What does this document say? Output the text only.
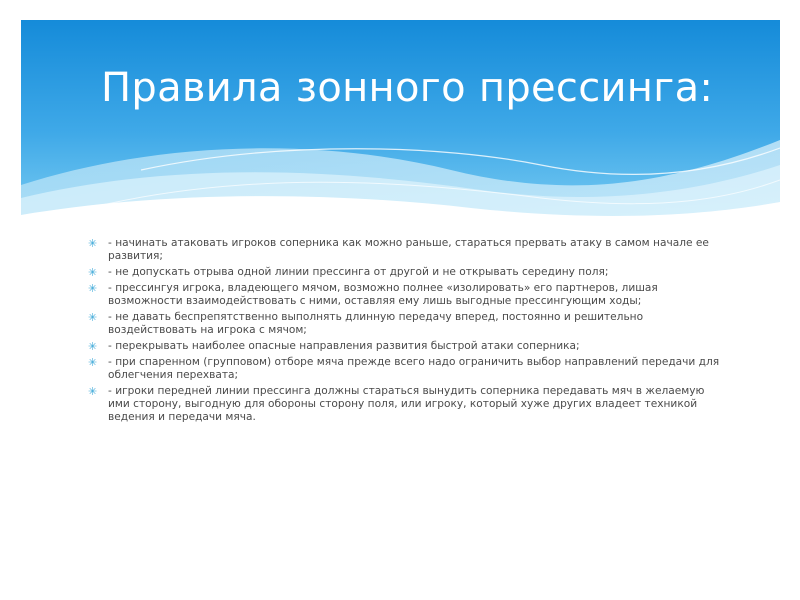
Правила зонного прессинга:
✳ - начинать атаковать игроков соперника как можно раньше, стараться прервать атаку в самом начале ее развития;
✳ - не допускать отрыва одной линии прессинга от другой и не открывать середину поля;
✳ - прессингуя игрока, владеющего мячом, возможно полнее «изолировать» его партнеров, лишая возможности взаимодействовать с ними, оставляя ему лишь выгодные прессингующим ходы;
✳ - не давать беспрепятственно выполнять длинную передачу вперед, постоянно и решительно воздействовать на игрока с мячом;
✳ - перекрывать наиболее опасные направления развития быстрой атаки соперника;
✳ - при спаренном (групповом) отборе мяча прежде всего надо ограничить выбор направлений передачи для облегчения перехвата;
✳ - игроки передней линии прессинга должны стараться вынудить соперника передавать мяч в желаемую ими сторону, выгодную для обороны сторону поля, или игроку, который хуже других владеет техникой ведения и передачи мяча.
